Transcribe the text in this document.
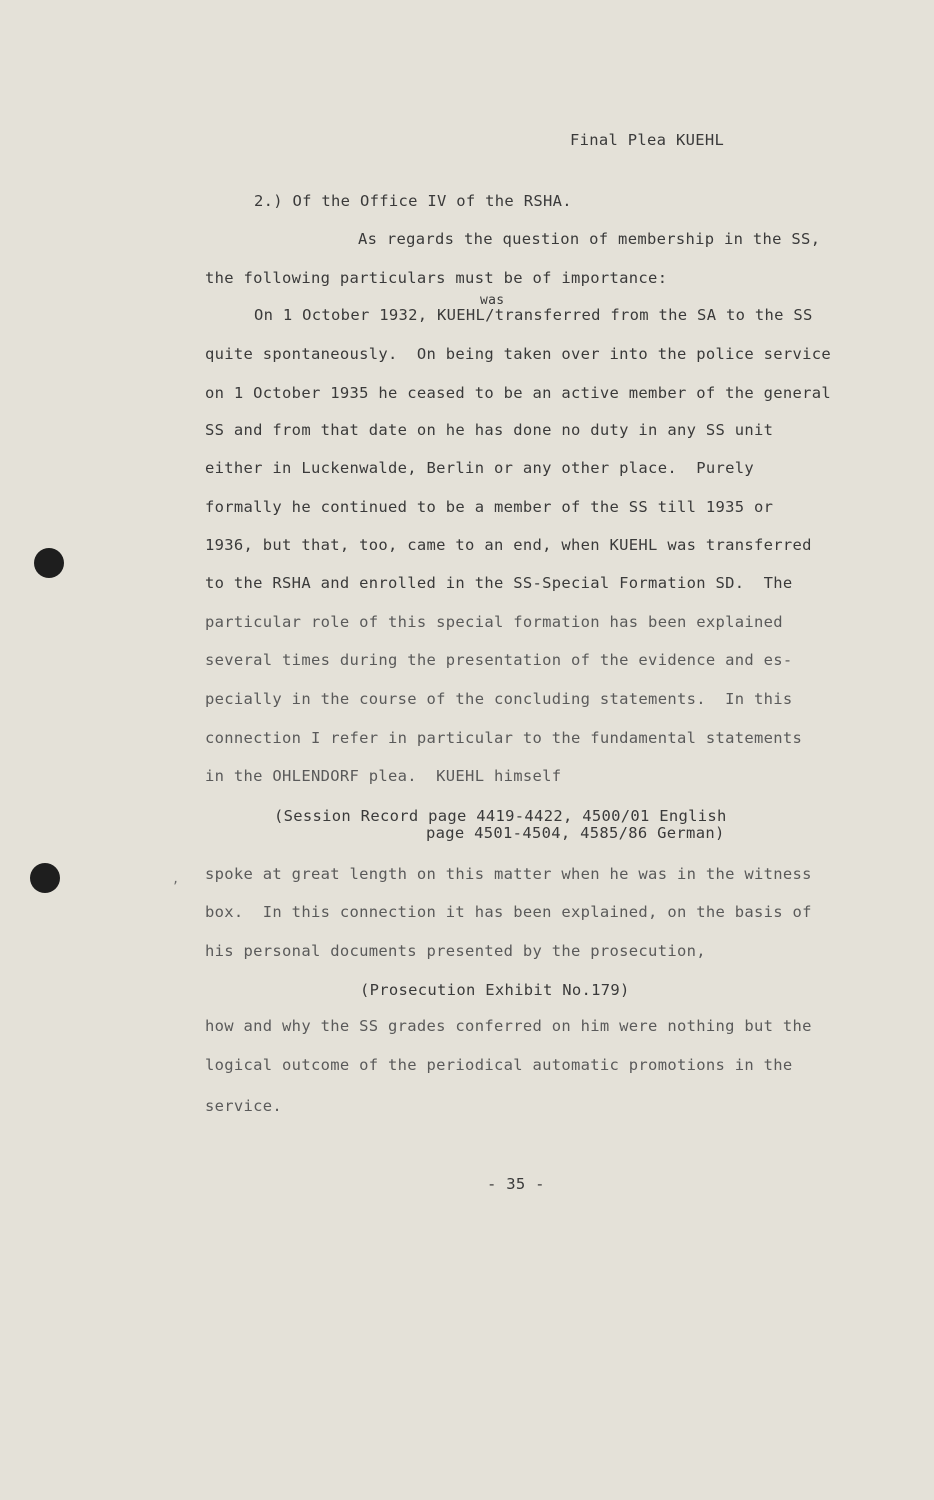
Final Plea KUEHL
2.) Of the Office IV of the RSHA.
As regards the question of membership in the SS,
the following particulars must be of importance:
was
On 1 October 1932, KUEHL/transferred from the SA to the SS
quite spontaneously.  On being taken over into the police service
on 1 October 1935 he ceased to be an active member of the general
SS and from that date on he has done no duty in any SS unit
either in Luckenwalde, Berlin or any other place.  Purely
formally he continued to be a member of the SS till 1935 or
1936, but that, too, came to an end, when KUEHL was transferred
to the RSHA and enrolled in the SS-Special Formation SD.  The
particular role of this special formation has been explained
several times during the presentation of the evidence and es-
pecially in the course of the concluding statements.  In this
connection I refer in particular to the fundamental statements
in the OHLENDORF plea.  KUEHL himself
(Session Record page 4419-4422, 4500/01 English
page 4501-4504, 4585/86 German)
, spoke at great length on this matter when he was in the witness
box.  In this connection it has been explained, on the basis of
his personal documents presented by the prosecution,
(Prosecution Exhibit No.179)
how and why the SS grades conferred on him were nothing but the
logical outcome of the periodical automatic promotions in the
service.
- 35 -
